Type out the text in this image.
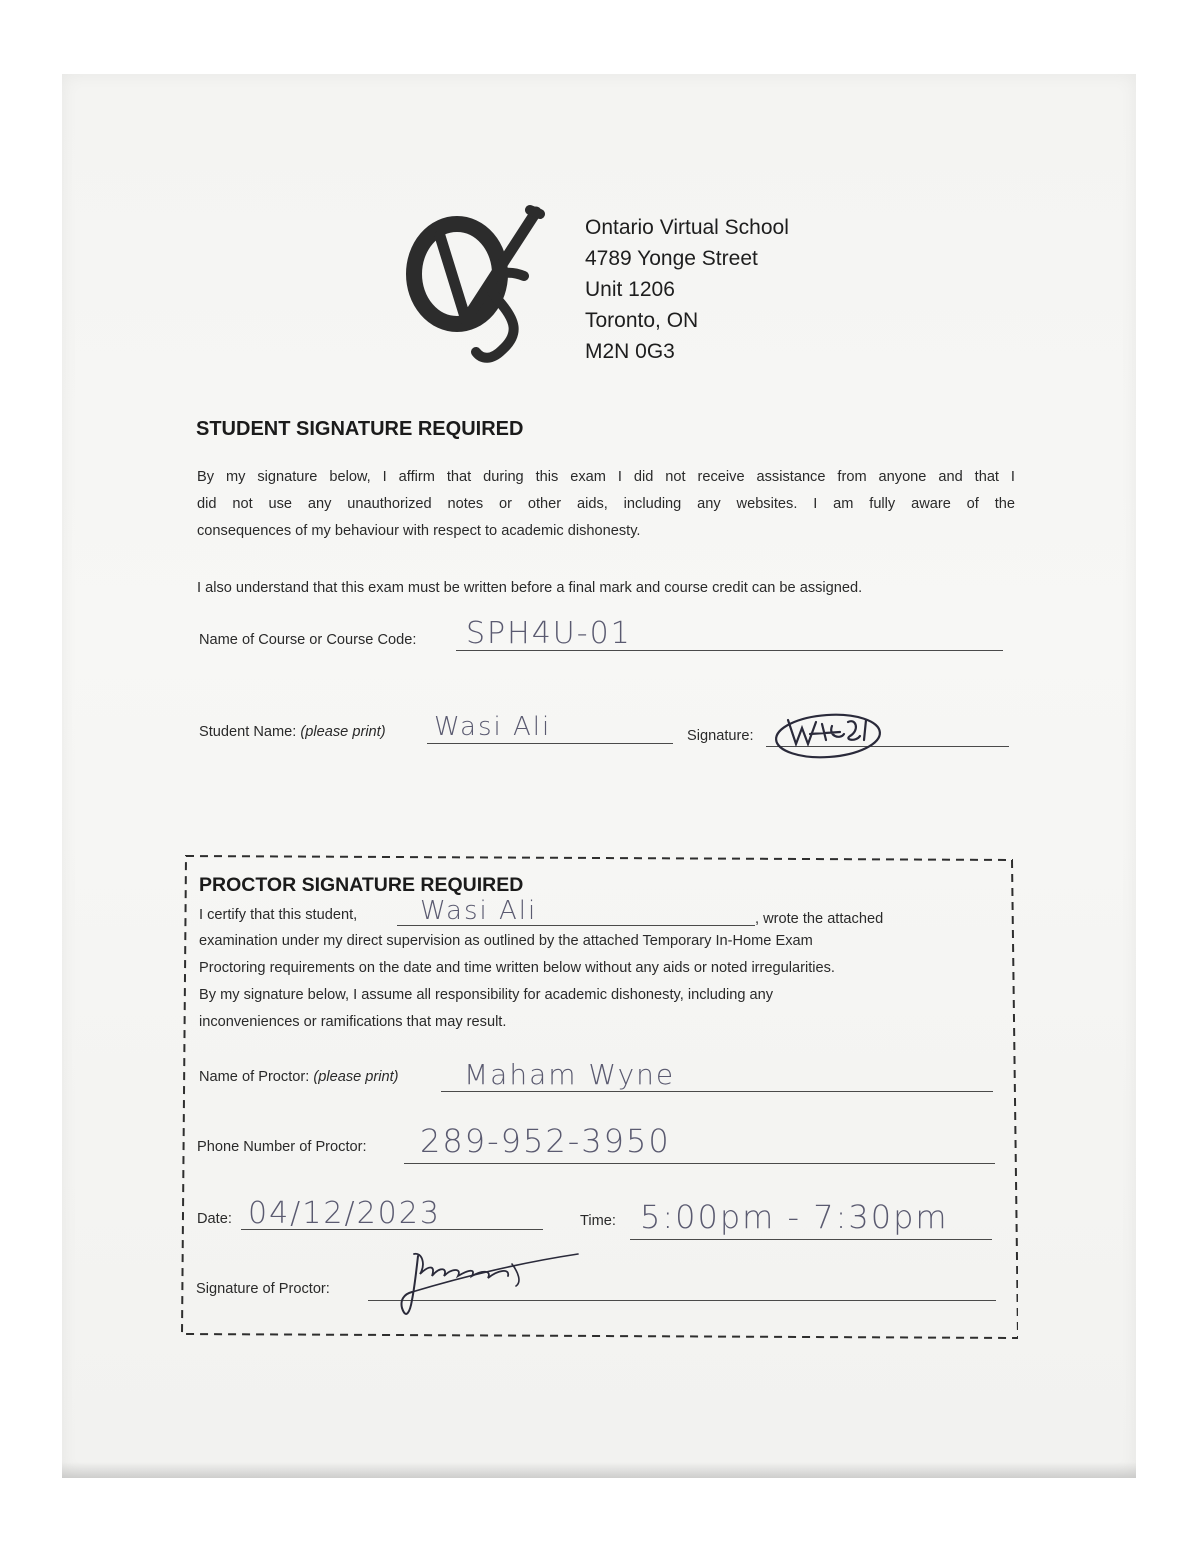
Ontario Virtual School
4789 Yonge Street
Unit 1206
Toronto, ON
M2N 0G3
STUDENT SIGNATURE REQUIRED
By my signature below, I affirm that during this exam I did not receive assistance from anyone and that I
did not use any unauthorized notes or other aids, including any websites. I am fully aware of the
consequences of my behaviour with respect to academic dishonesty.
I also understand that this exam must be written before a final mark and course credit can be assigned.
Name of Course or Course Code: SPH4U-01
Student Name: (please print) Wasi Ali	Signature:
PROCTOR SIGNATURE REQUIRED
I certify that this student, Wasi Ali	, wrote the attached
examination under my direct supervision as outlined by the attached Temporary In-Home Exam
Proctoring requirements on the date and time written below without any aids or noted irregularities.
By my signature below, I assume all responsibility for academic dishonesty, including any
inconveniences or ramifications that may result.
Name of Proctor: (please print) Maham Wyne
Phone Number of Proctor: 289-952-3950
Date: 04/12/2023	Time: 5:00pm - 7:30pm
Signature of Proctor:
